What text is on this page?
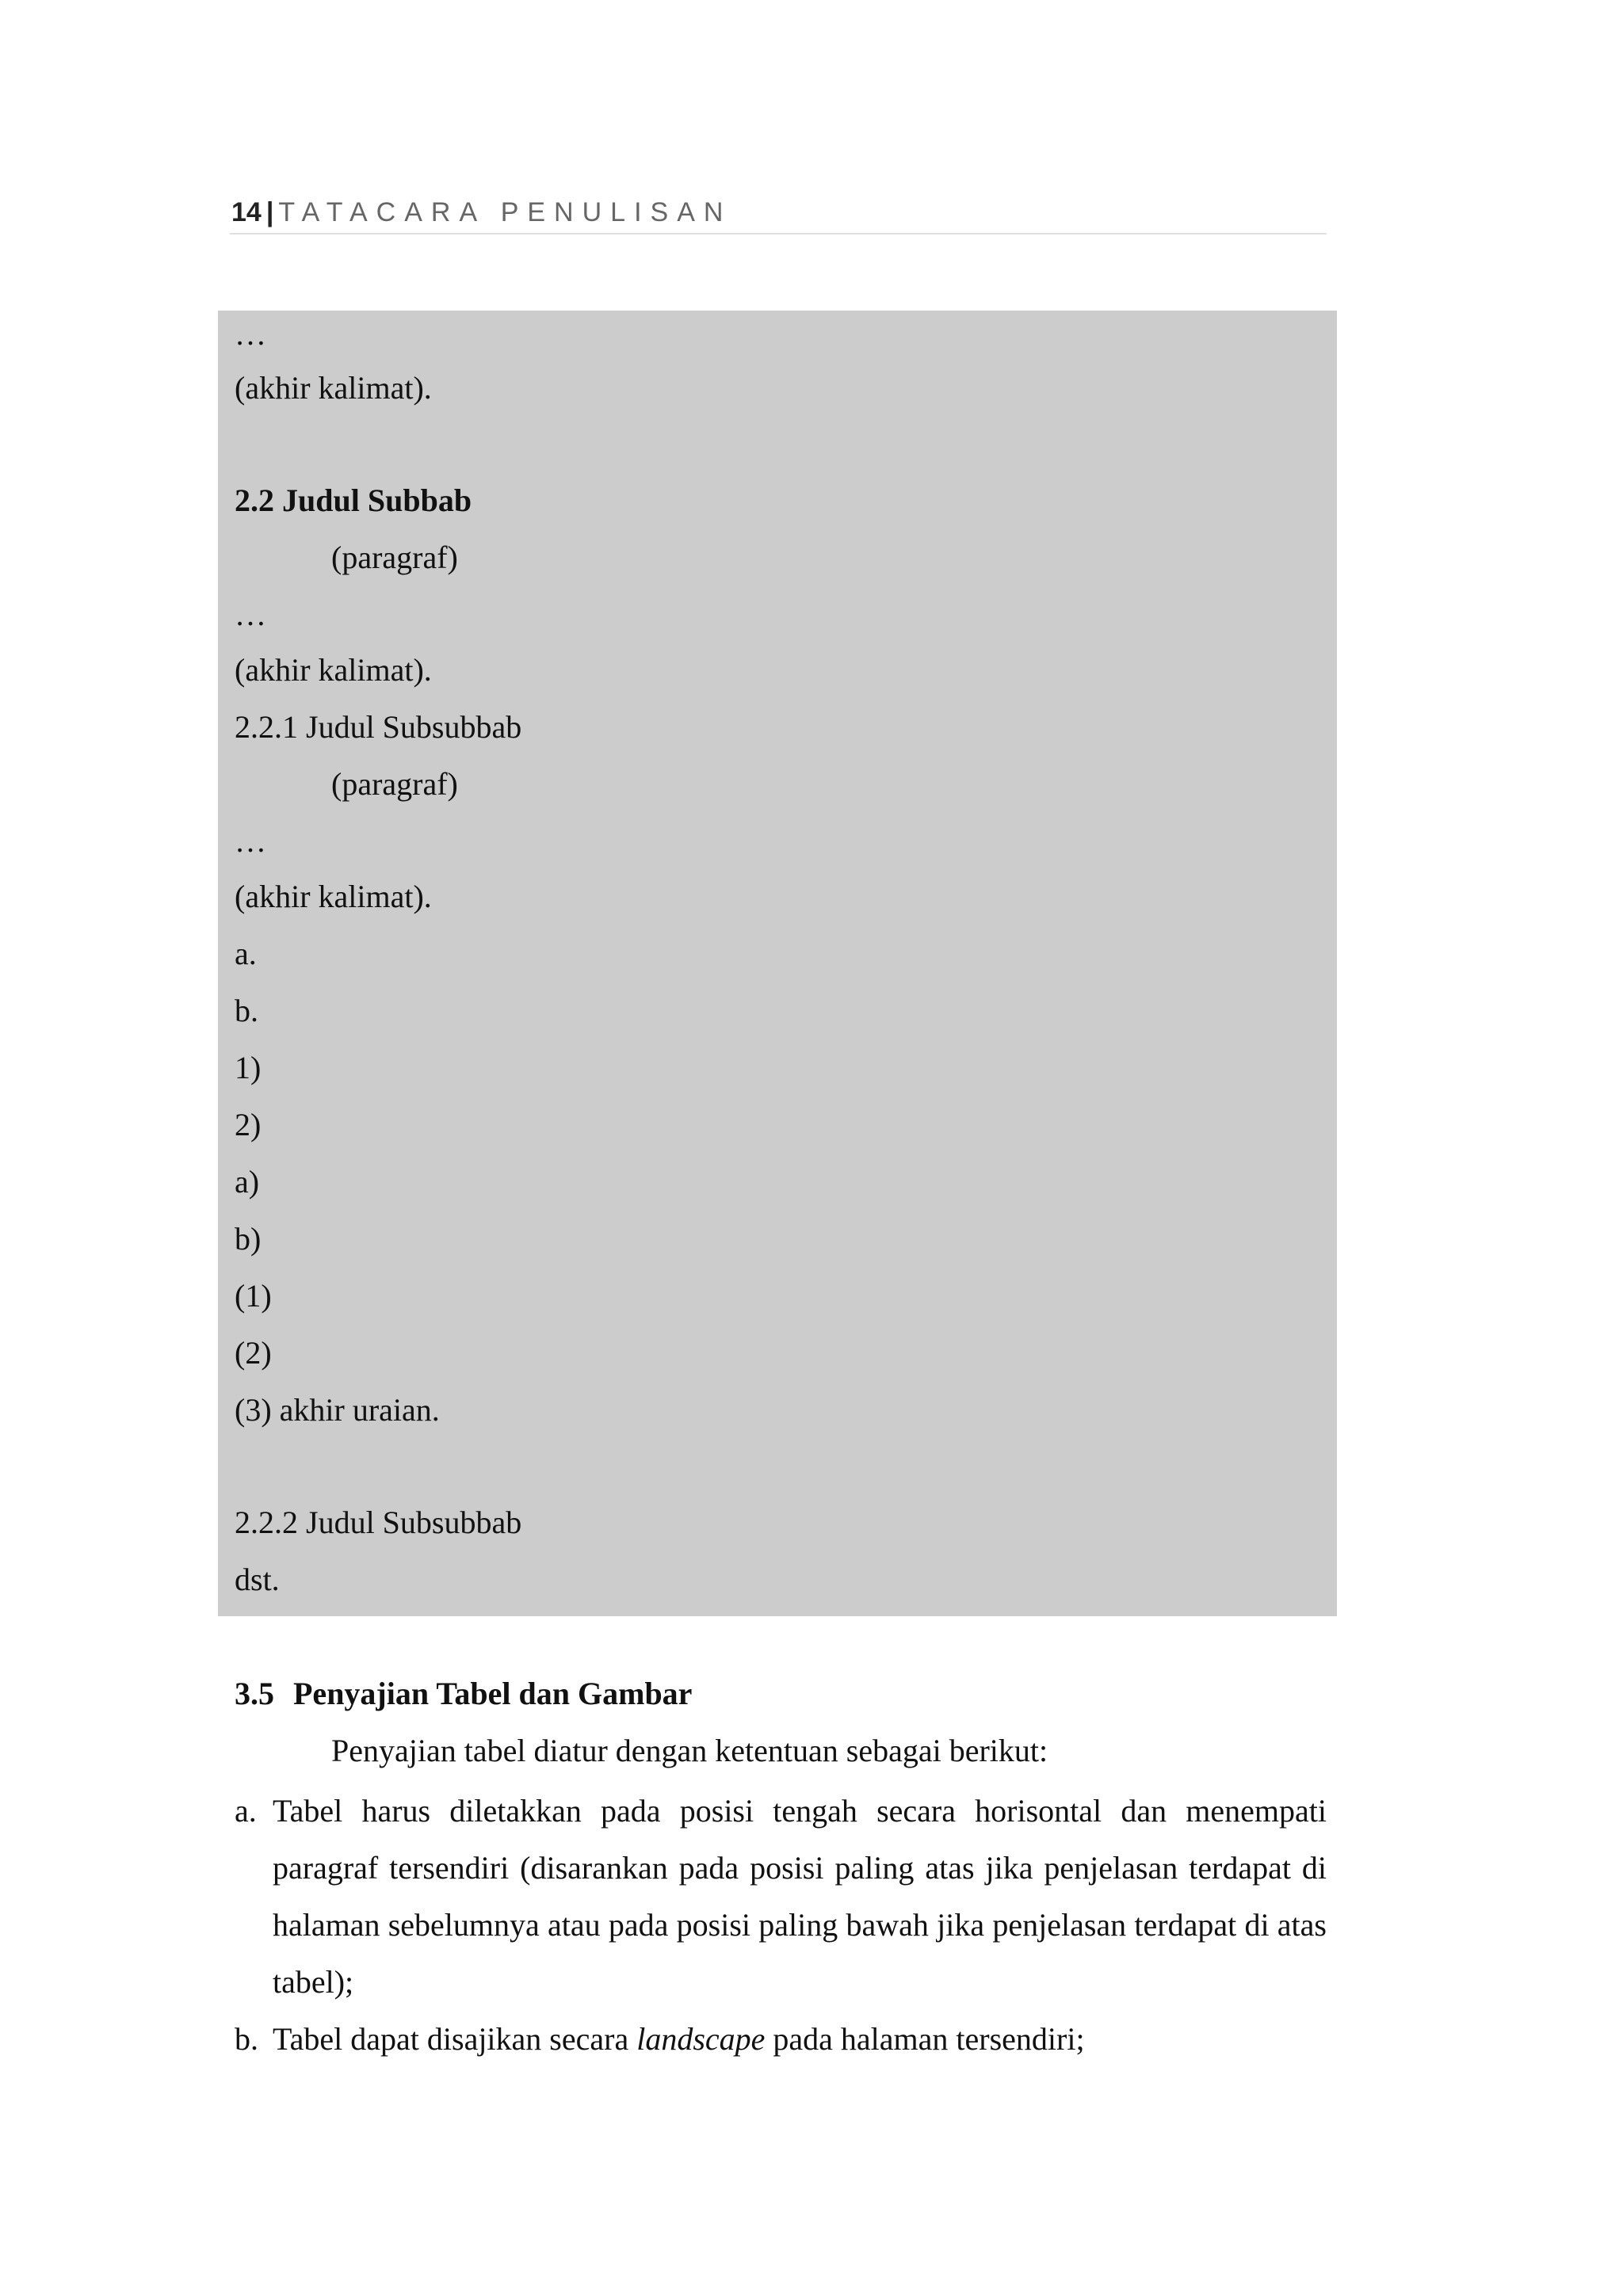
14 | TATACARA PENULISAN
…
(akhir kalimat).
2.2 Judul Subbab
(paragraf)
…
(akhir kalimat).
2.2.1 Judul Subsubbab
(paragraf)
…
(akhir kalimat).
a.
b.
1)
2)
a)
b)
(1)
(2)
(3) akhir uraian.
2.2.2 Judul Subsubbab
dst.
3.5 Penyajian Tabel dan Gambar
Penyajian tabel diatur dengan ketentuan sebagai berikut:
a. Tabel harus diletakkan pada posisi tengah secara horisontal dan menempati paragraf tersendiri (disarankan pada posisi paling atas jika penjelasan terdapat di halaman sebelumnya atau pada posisi paling bawah jika penjelasan terdapat di atas tabel);
b. Tabel dapat disajikan secara landscape pada halaman tersendiri;
